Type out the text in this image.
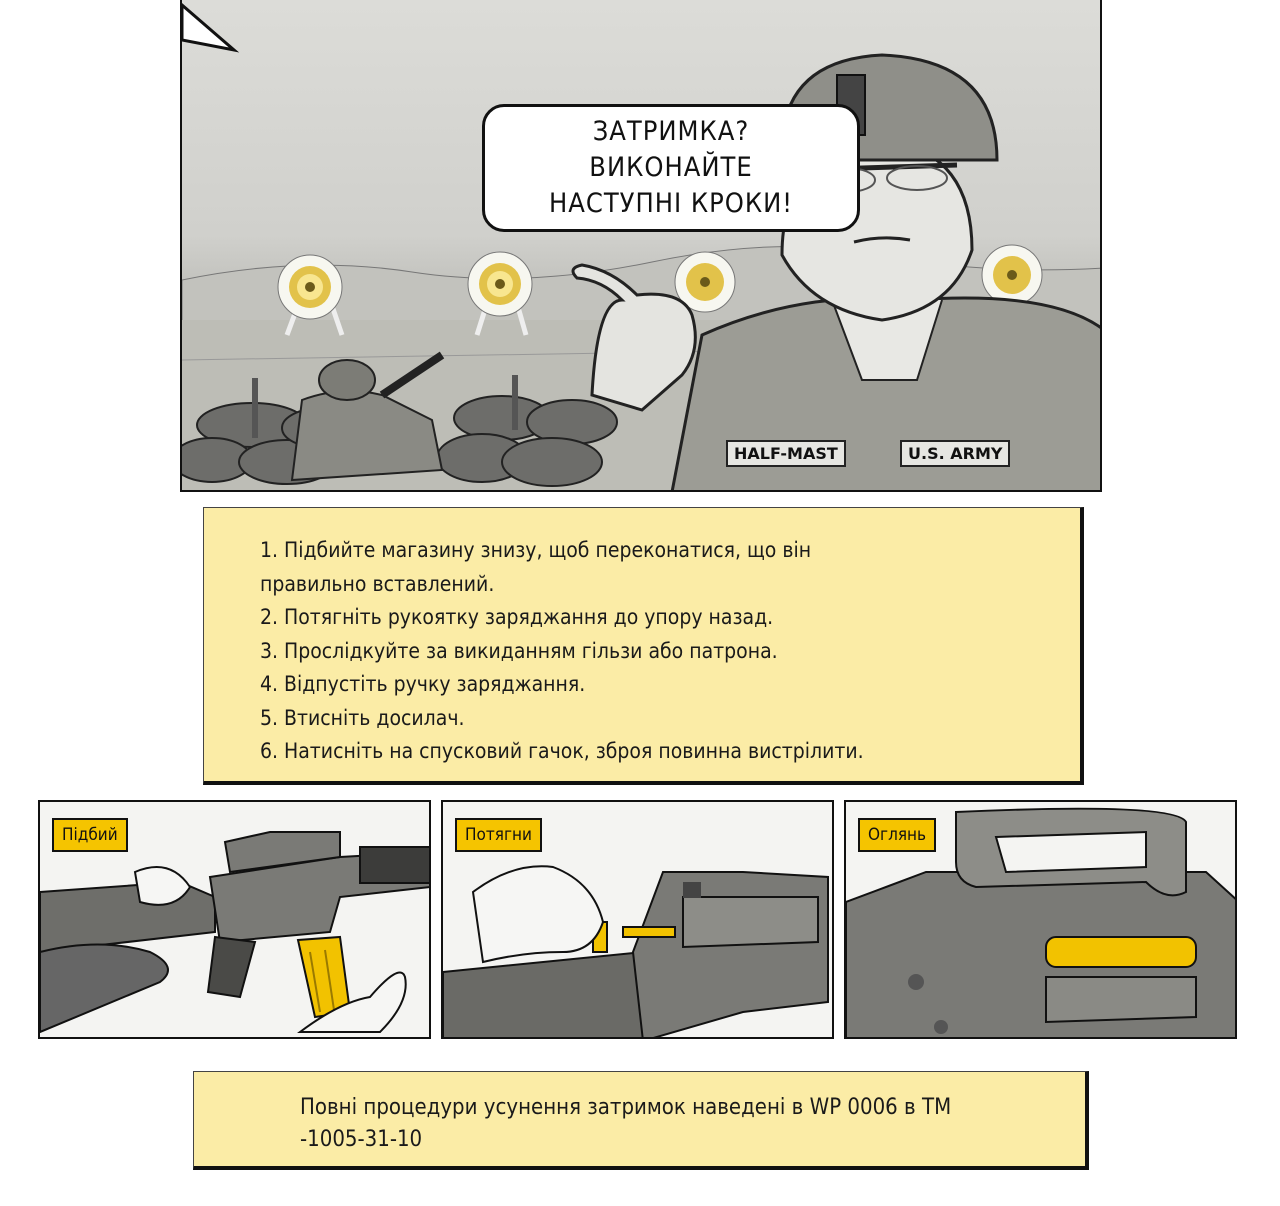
ЗАТРИМКА?
ВИКОНАЙТЕ
НАСТУПНІ КРОКИ!
HALF-MAST	U.S. ARMY
1. Підбийте магазину знизу, щоб переконатися, що він
правильно вставлений.
2. Потягніть рукоятку заряджання до упору назад.
3. Прослідкуйте за викиданням гільзи або патрона.
4. Відпустіть ручку заряджання.
5. Втисніть досилач.
6. Натисніть на спусковий гачок, зброя повинна вистрілити.
Підбий	Потягни	Оглянь

Повні процедури усунення затримок наведені в WP 0006 в TM -1005-31-10
